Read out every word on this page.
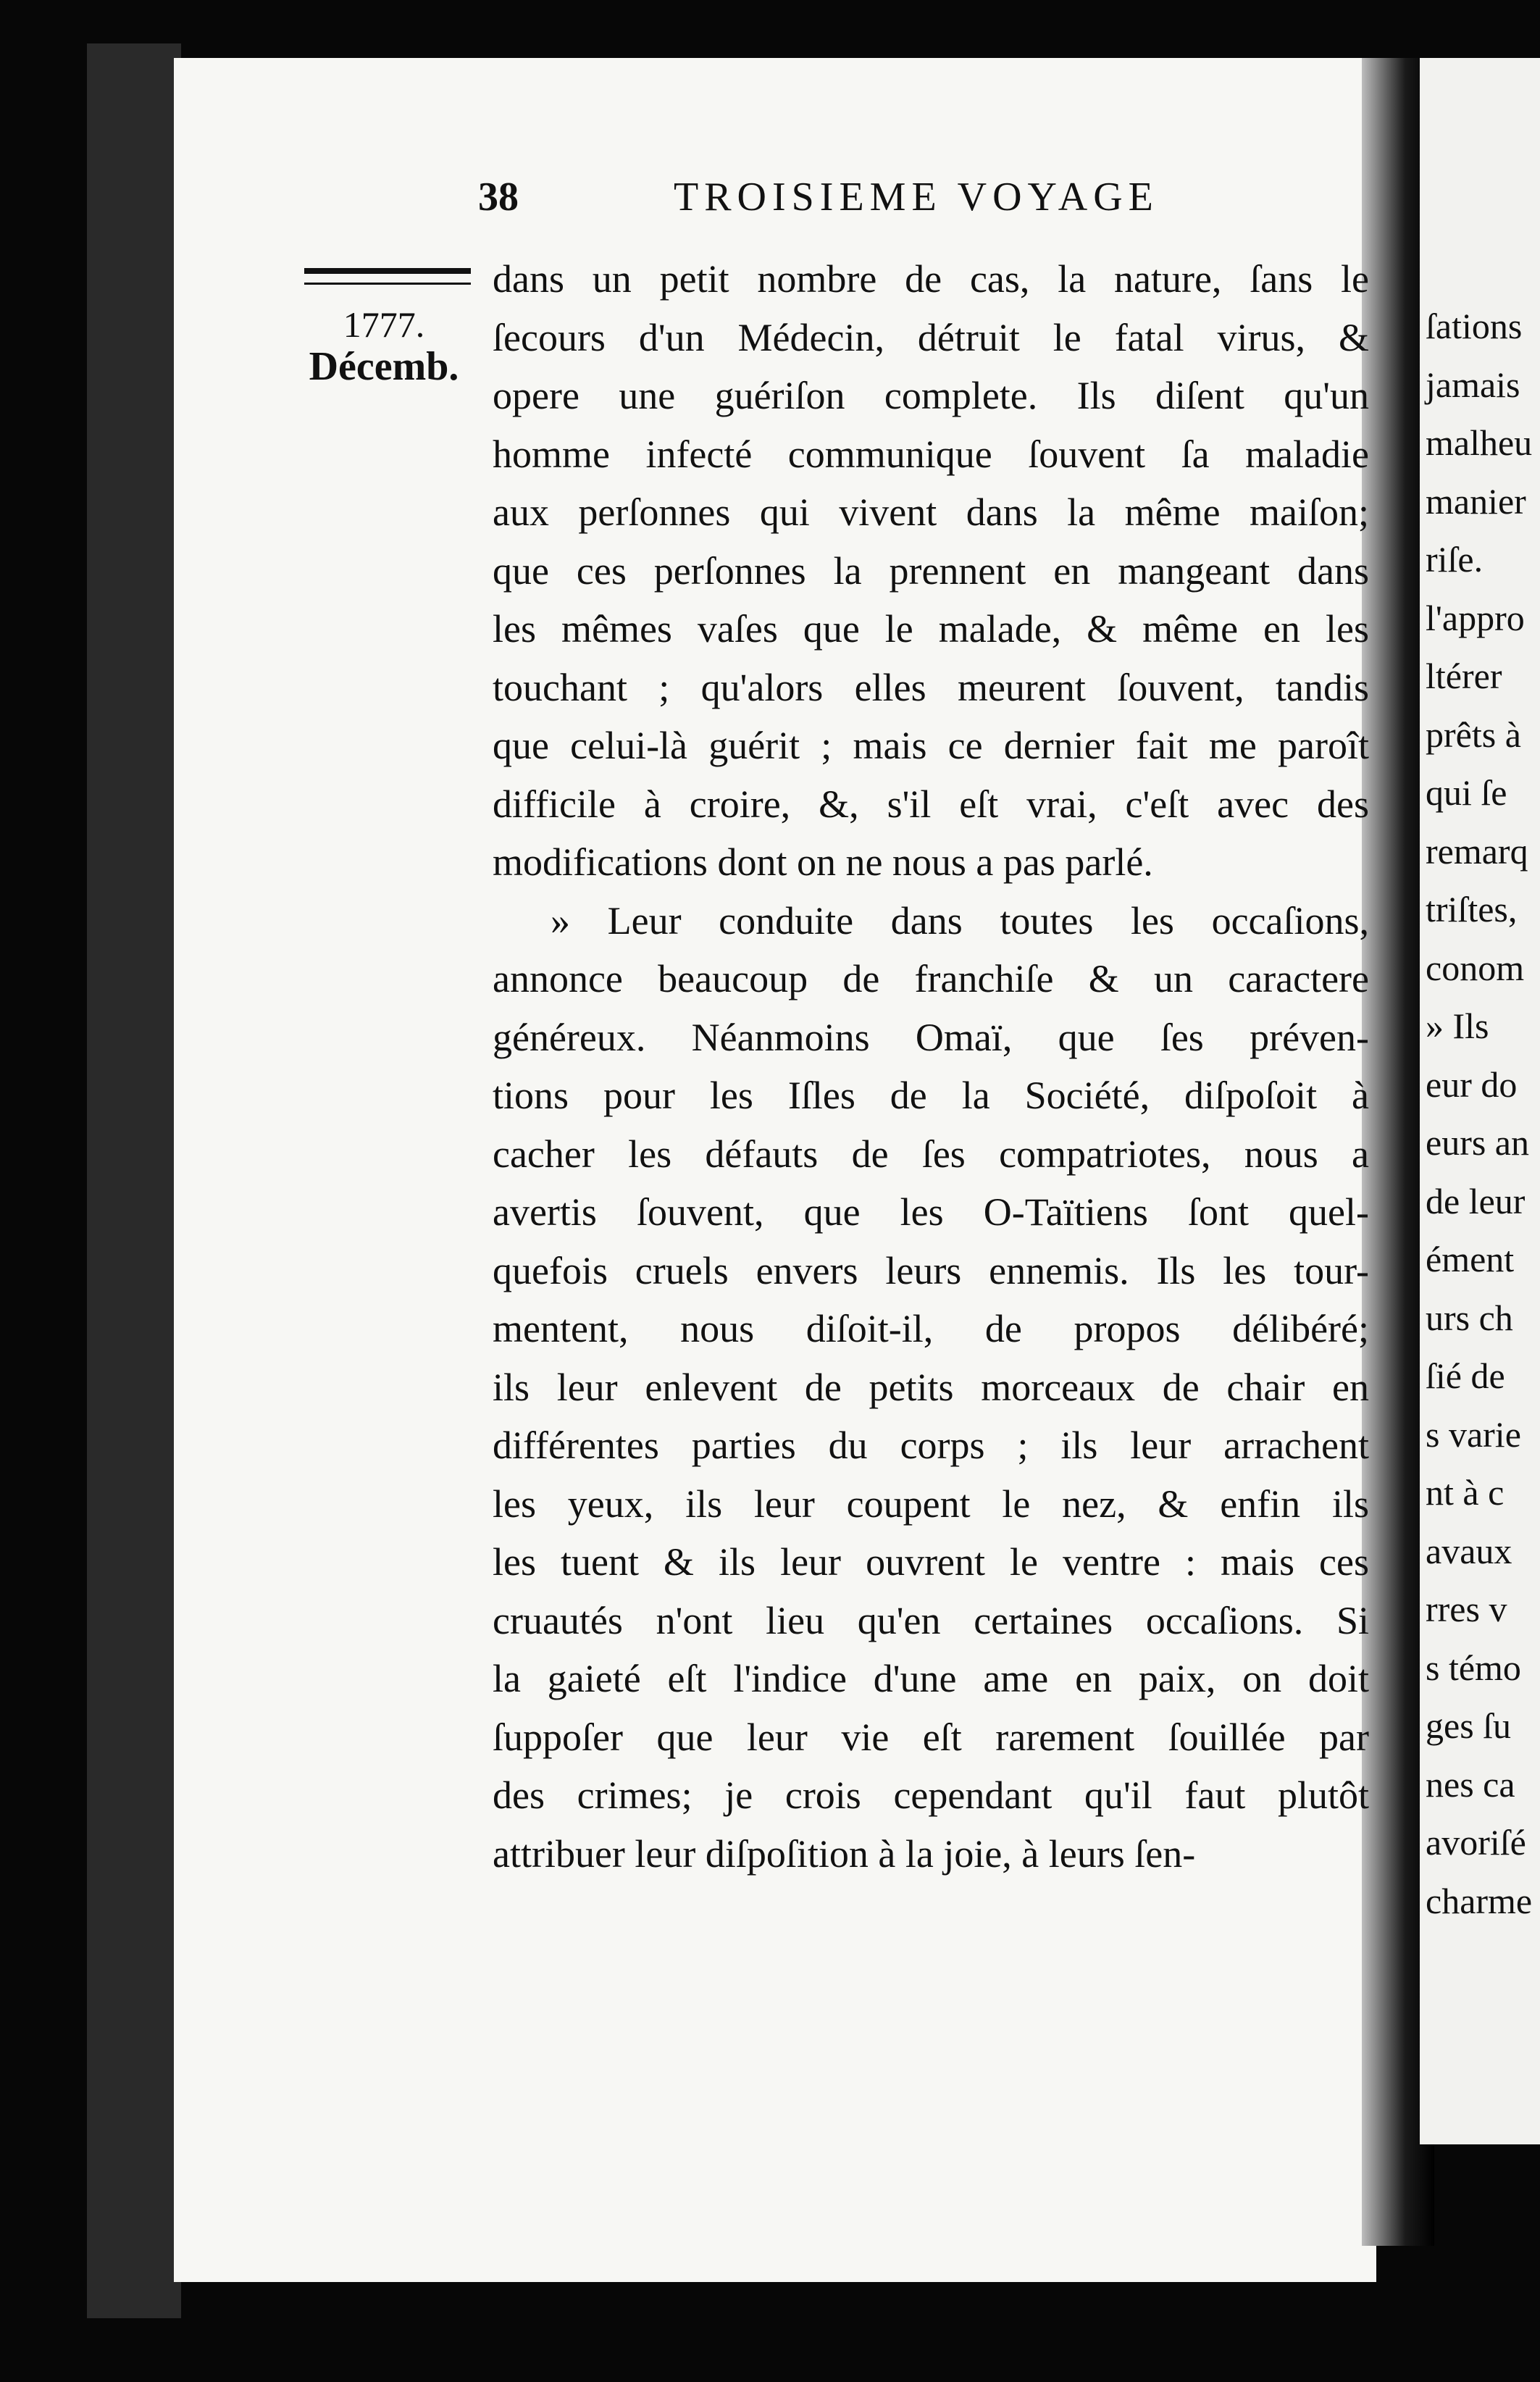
ſations
jamais
malheu
manier
riſe.
l'appro
ltérer
prêts à
qui ſe
remarq
triſtes,
conom
» Ils
eur do
eurs an
de leur
ément
urs ch
ſié de
s varie
nt à c
avaux
rres v
s témo
ges ſu
nes ca
avoriſé
charme
38	TROISIEME VOYAGE
1777.
Décemb.
dans un petit nombre de cas, la nature, ſans le
ſecours d'un Médecin, détruit le fatal virus, &
opere une guériſon complete. Ils diſent qu'un
homme infecté communique ſouvent ſa maladie
aux perſonnes qui vivent dans la même maiſon;
que ces perſonnes la prennent en mangeant dans
les mêmes vaſes que le malade, & même en les
touchant ; qu'alors elles meurent ſouvent, tandis
que celui-là guérit ; mais ce dernier fait me paroît
difficile à croire, &, s'il eſt vrai, c'eſt avec des
modifications dont on ne nous a pas parlé.
» Leur conduite dans toutes les occaſions,
annonce beaucoup de franchiſe & un caractere
généreux. Néanmoins Omaï, que ſes préven-
tions pour les Iſles de la Société, diſpoſoit à
cacher les défauts de ſes compatriotes, nous a
avertis ſouvent, que les O-Taïtiens ſont quel-
quefois cruels envers leurs ennemis. Ils les tour-
mentent, nous diſoit-il, de propos délibéré;
ils leur enlevent de petits morceaux de chair en
différentes parties du corps ; ils leur arrachent
les yeux, ils leur coupent le nez, & enfin ils
les tuent & ils leur ouvrent le ventre : mais ces
cruautés n'ont lieu qu'en certaines occaſions. Si
la gaieté eſt l'indice d'une ame en paix, on doit
ſuppoſer que leur vie eſt rarement ſouillée par
des crimes; je crois cependant qu'il faut plutôt
attribuer leur diſpoſition à la joie, à leurs ſen-
